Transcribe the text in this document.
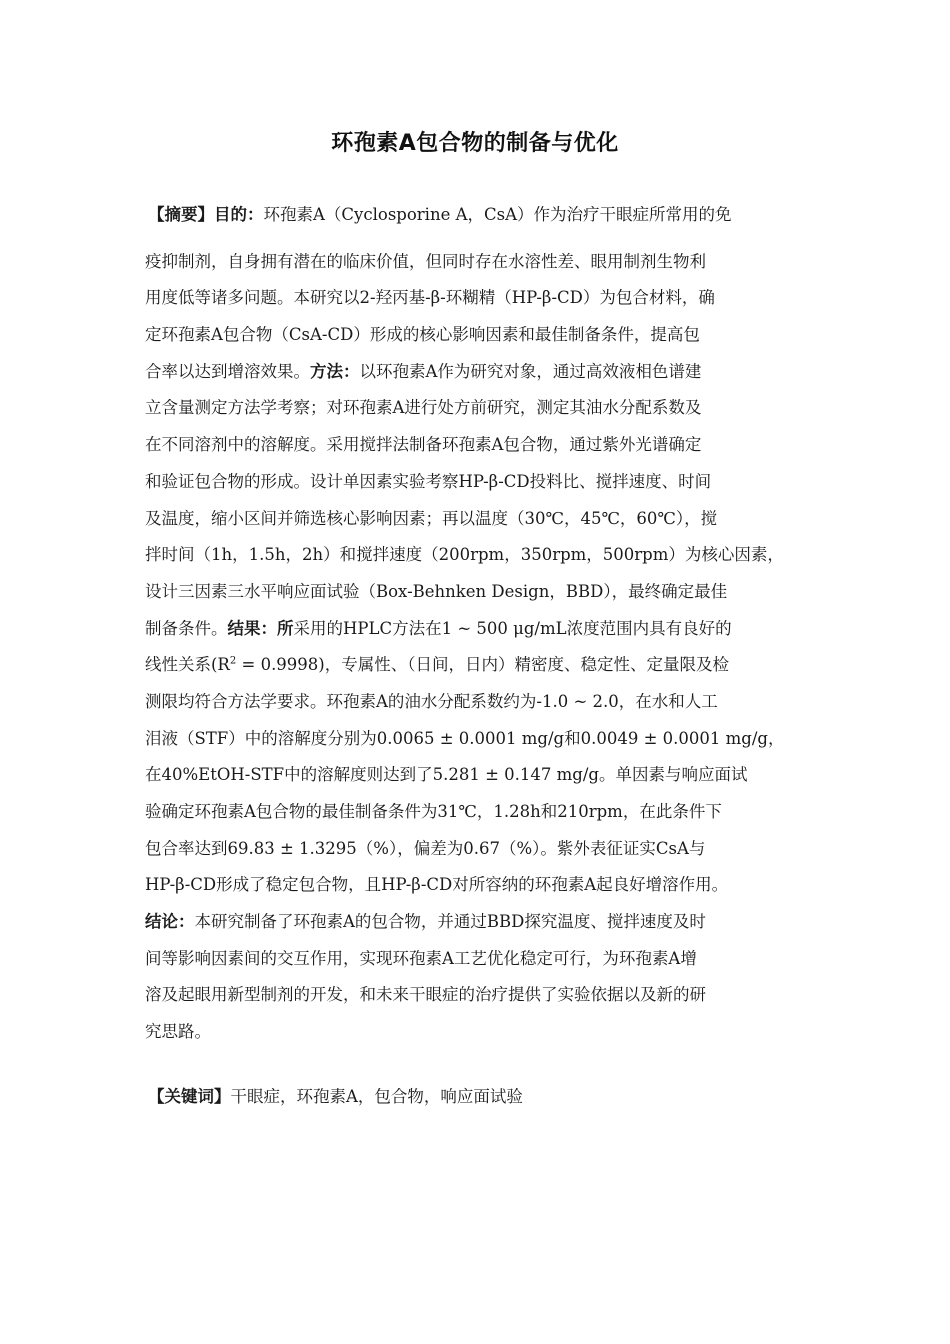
环孢素A包合物的制备与优化
【摘要】目的：环孢素A（Cyclosporine A，CsA）作为治疗干眼症所常用的免
疫抑制剂，自身拥有潜在的临床价值，但同时存在水溶性差、眼用制剂生物利
用度低等诸多问题。本研究以2-羟丙基-β-环糊精（HP-β-CD）为包合材料，确
定环孢素A包合物（CsA-CD）形成的核心影响因素和最佳制备条件，提高包
合率以达到增溶效果。方法：以环孢素A作为研究对象，通过高效液相色谱建
立含量测定方法学考察；对环孢素A进行处方前研究，测定其油水分配系数及
在不同溶剂中的溶解度。采用搅拌法制备环孢素A包合物，通过紫外光谱确定
和验证包合物的形成。设计单因素实验考察HP-β-CD投料比、搅拌速度、时间
及温度，缩小区间并筛选核心影响因素；再以温度（30℃，45℃，60℃），搅
拌时间（1h，1.5h，2h）和搅拌速度（200rpm，350rpm，500rpm）为核心因素，
设计三因素三水平响应面试验（Box-Behnken Design，BBD），最终确定最佳
制备条件。结果：所采用的HPLC方法在1 ~ 500 μg/mL浓度范围内具有良好的
线性关系$(R^2 = 0.9998)$，专属性、（日间，日内）精密度、稳定性、定量限及检
测限均符合方法学要求。环孢素A的油水分配系数约为-1.0 ~ 2.0，在水和人工
泪液（STF）中的溶解度分别为0.0065 ± 0.0001 mg/g和0.0049 ± 0.0001 mg/g，
在40%EtOH-STF中的溶解度则达到了5.281 ± 0.147 mg/g。单因素与响应面试
验确定环孢素A包合物的最佳制备条件为31℃，1.28h和210rpm，在此条件下
包合率达到69.83 ± 1.3295（%），偏差为0.67（%）。紫外表征证实CsA与
HP-β-CD形成了稳定包合物，且HP-β-CD对所容纳的环孢素A起良好增溶作用。
结论：本研究制备了环孢素A的包合物，并通过BBD探究温度、搅拌速度及时
间等影响因素间的交互作用，实现环孢素A工艺优化稳定可行，为环孢素A增
溶及起眼用新型制剂的开发，和未来干眼症的治疗提供了实验依据以及新的研
究思路。
【关键词】干眼症，环孢素A，包合物，响应面试验
